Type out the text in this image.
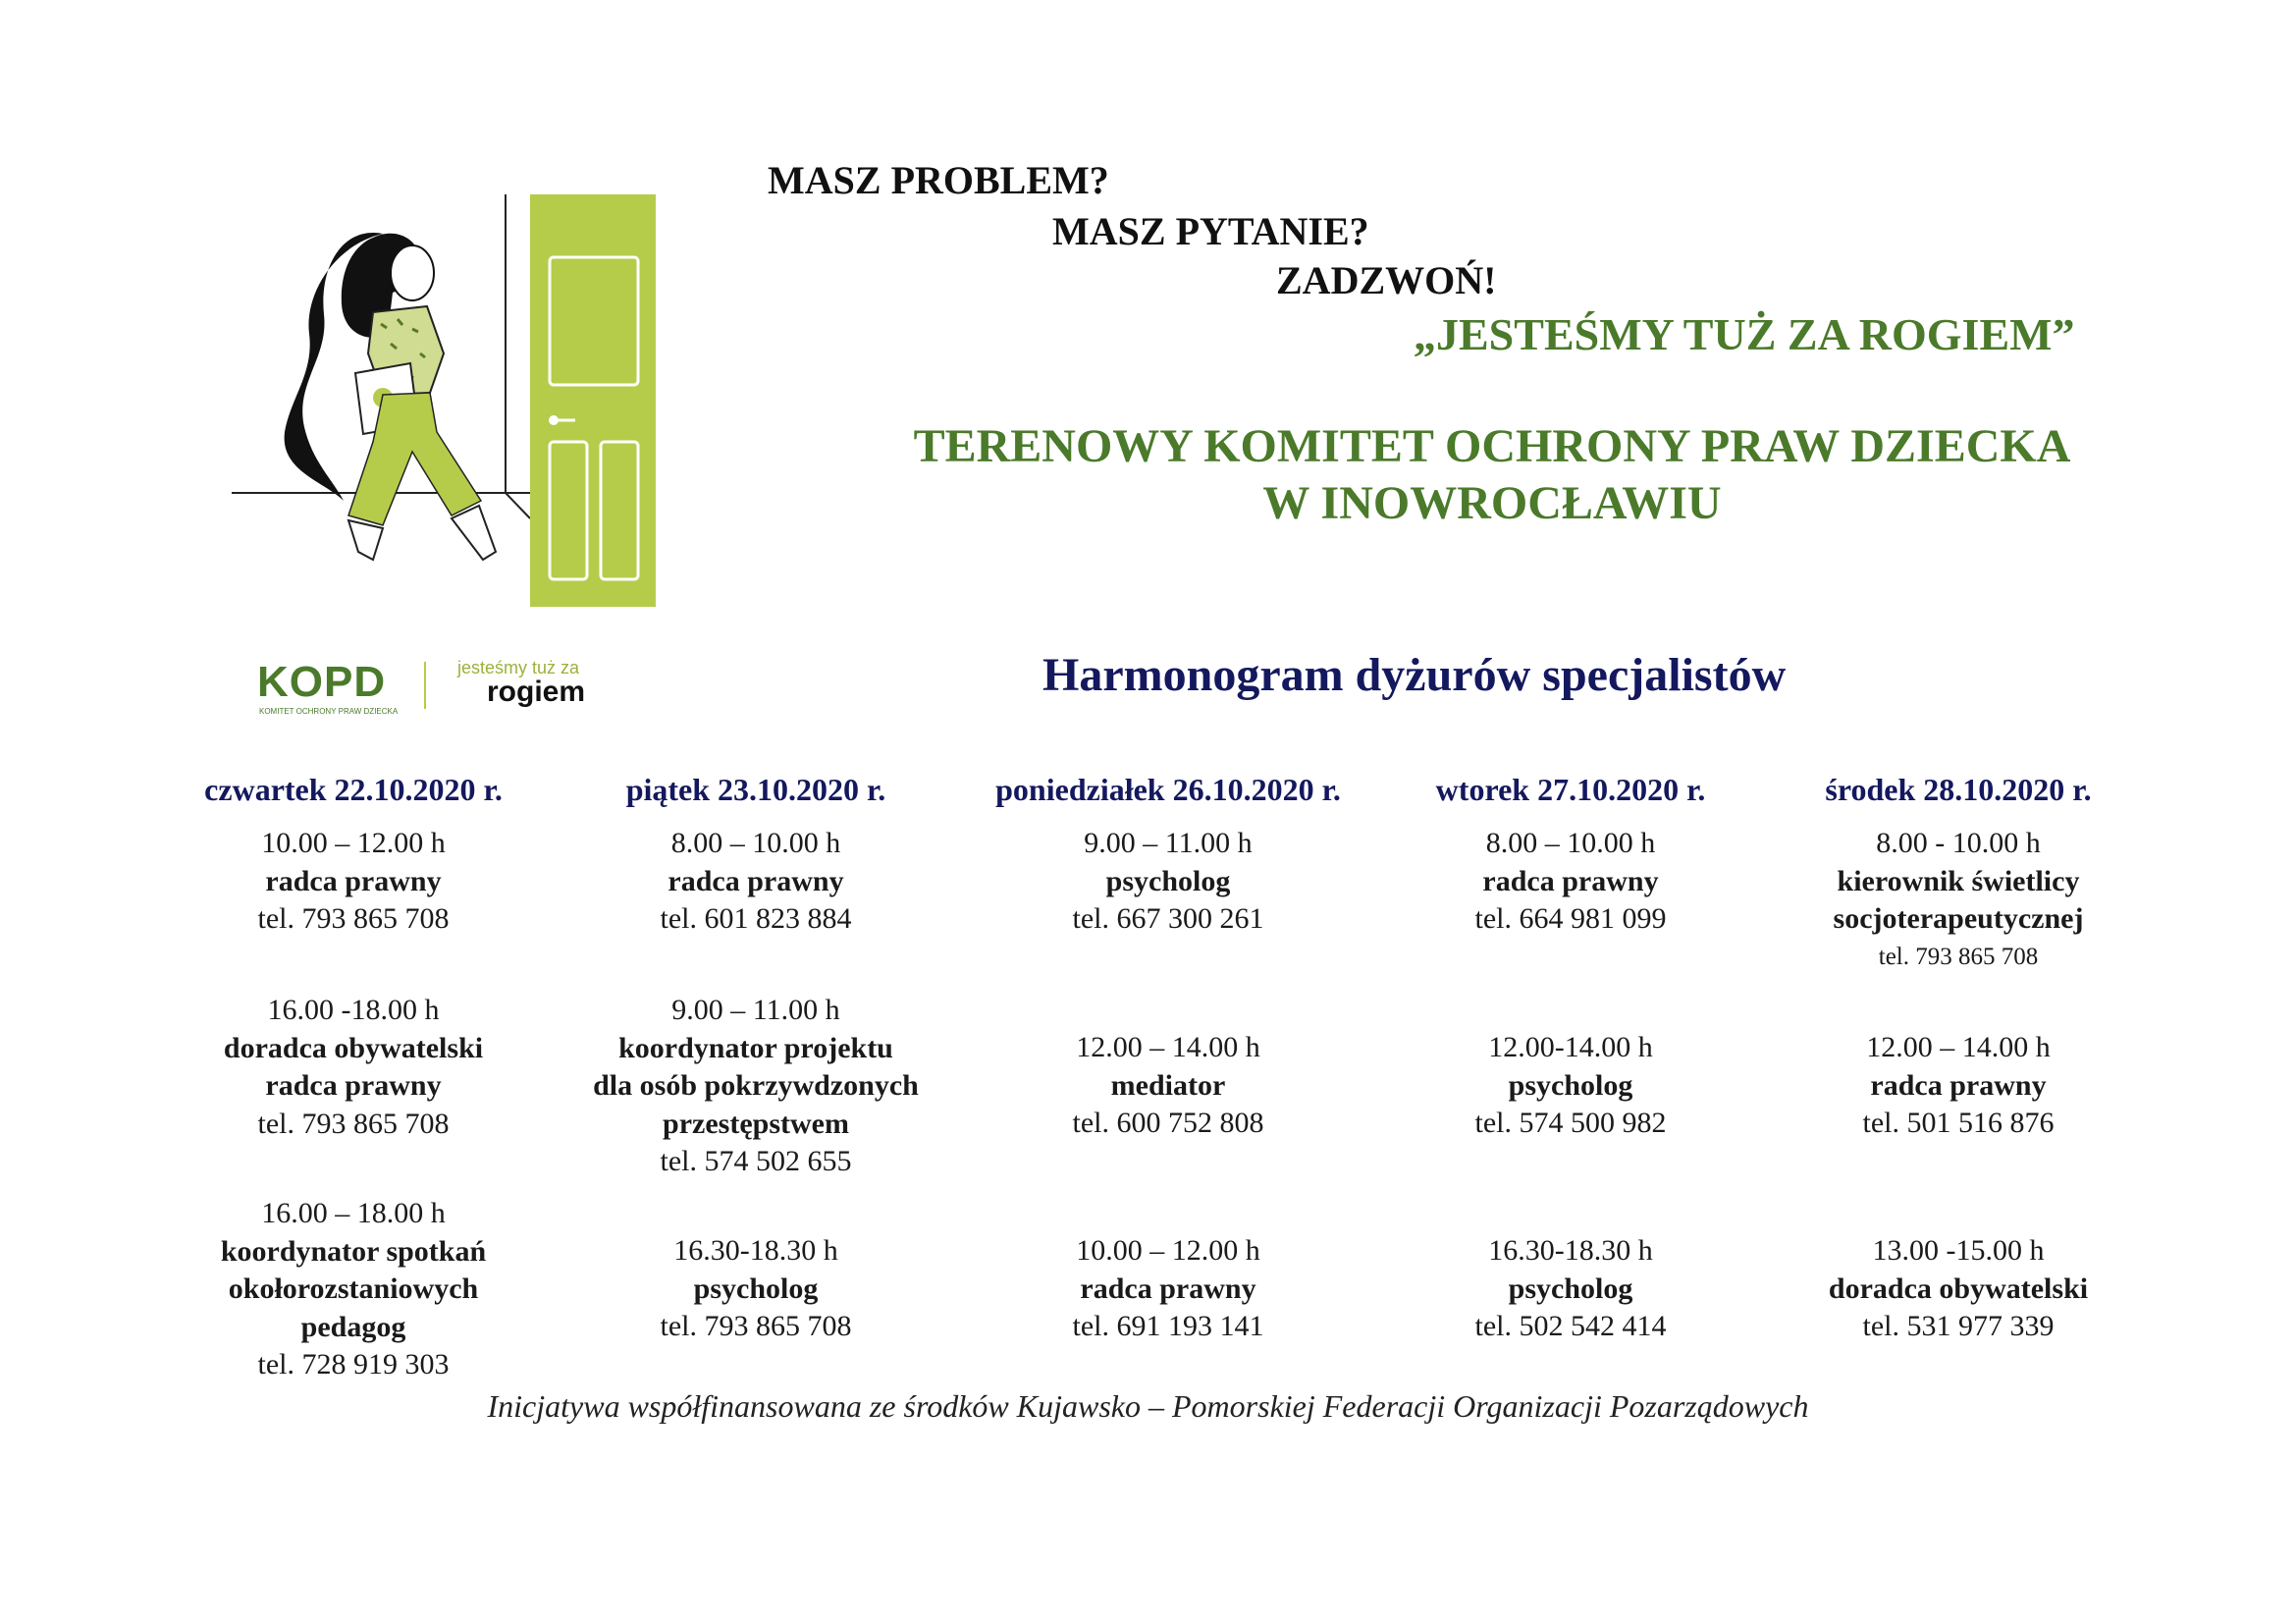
MASZ PROBLEM?
MASZ PYTANIE?
ZADZWOŃ!
„JESTEŚMY TUŻ ZA ROGIEM”
TERENOWY KOMITET OCHRONY PRAW DZIECKA
W INOWROCŁAWIU
KOPD
KOMITET OCHRONY PRAW DZIECKA
jesteśmy tuż za
rogiem	Harmonogram dyżurów specjalistów
czwartek 22.10.2020 r.
10.00 – 12.00 h
radca prawny
tel. 793 865 708
16.00 -18.00 h
doradca obywatelski
radca prawny
tel. 793 865 708
16.00 – 18.00 h
koordynator spotkań
okołorozstaniowych
pedagog
tel. 728 919 303
piątek 23.10.2020 r.
8.00 – 10.00 h
radca prawny
tel. 601 823 884
9.00 – 11.00 h
koordynator projektu
dla osób pokrzywdzonych
przestępstwem
tel. 574 502 655
16.30-18.30 h
psycholog
tel. 793 865 708
poniedziałek 26.10.2020 r.
9.00 – 11.00 h
psycholog
tel. 667 300 261
12.00 – 14.00 h
mediator
tel. 600 752 808
10.00 – 12.00 h
radca prawny
tel. 691 193 141
wtorek 27.10.2020 r.
8.00 – 10.00 h
radca prawny
tel. 664 981 099
12.00-14.00 h
psycholog
tel. 574 500 982
16.30-18.30 h
psycholog
tel. 502 542 414
środek 28.10.2020 r.
8.00 - 10.00 h
kierownik świetlicy
socjoterapeutycznej
tel. 793 865 708
12.00 – 14.00 h
radca prawny
tel. 501 516 876
13.00 -15.00 h
doradca obywatelski
tel. 531 977 339
Inicjatywa współfinansowana ze środków Kujawsko – Pomorskiej Federacji Organizacji Pozarządowych
